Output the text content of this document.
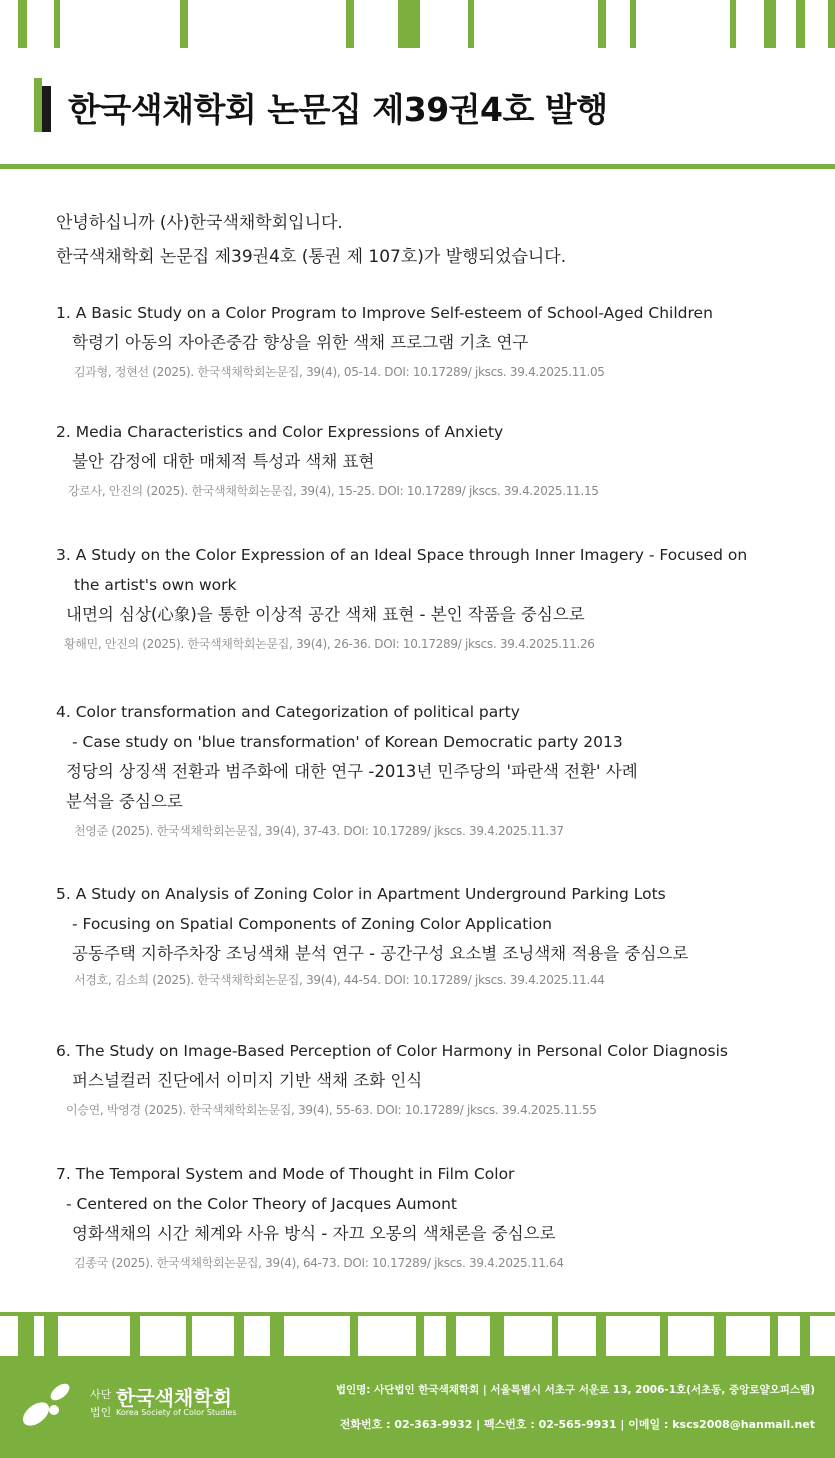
한국색채학회 논문집 제39권4호 발행
안녕하십니까 (사)한국색채학회입니다.
한국색채학회 논문집 제39권4호 (통권 제 107호)가 발행되었습니다.
1. A Basic Study on a Color Program to Improve Self-esteem of School-Aged Children
학령기 아동의 자아존중감 향상을 위한 색채 프로그램 기초 연구
김과형, 정현선 (2025). 한국색채학회논문집, 39(4), 05-14. DOI: 10.17289/ jkscs. 39.4.2025.11.05
2. Media Characteristics and Color Expressions of Anxiety
불안 감정에 대한 매체적 특성과 색채 표현
강로사, 안진의 (2025). 한국색채학회논문집, 39(4), 15-25. DOI: 10.17289/ jkscs. 39.4.2025.11.15
3. A Study on the Color Expression of an Ideal Space through Inner Imagery - Focused on
the artist's own work
내면의 심상(心象)을 통한 이상적 공간 색채 표현 - 본인 작품을 중심으로
황해민, 안진의 (2025). 한국색채학회논문집, 39(4), 26-36. DOI: 10.17289/ jkscs. 39.4.2025.11.26
4. Color transformation and Categorization of political party
- Case study on 'blue transformation' of Korean Democratic party 2013
정당의 상징색 전환과 범주화에 대한 연구 -2013년 민주당의 '파란색 전환' 사례
분석을 중심으로
천영준 (2025). 한국색채학회논문집, 39(4), 37-43. DOI: 10.17289/ jkscs. 39.4.2025.11.37
5. A Study on Analysis of Zoning Color in Apartment Underground Parking Lots
- Focusing on Spatial Components of Zoning Color Application
공동주택 지하주차장 조닝색채 분석 연구 - 공간구성 요소별 조닝색채 적용을 중심으로
서경호, 김소희 (2025). 한국색채학회논문집, 39(4), 44-54. DOI: 10.17289/ jkscs. 39.4.2025.11.44
6. The Study on Image-Based Perception of Color Harmony in Personal Color Diagnosis
퍼스널컬러 진단에서 이미지 기반 색채 조화 인식
이승연, 박영경 (2025). 한국색채학회논문집, 39(4), 55-63. DOI: 10.17289/ jkscs. 39.4.2025.11.55
7. The Temporal System and Mode of Thought in Film Color
- Centered on the Color Theory of Jacques Aumont
영화색채의 시간 체계와 사유 방식 - 자끄 오몽의 색채론을 중심으로
김종국 (2025). 한국색채학회논문집, 39(4), 64-73. DOI: 10.17289/ jkscs. 39.4.2025.11.64
사단
법인
한국색채학회
Korea Society of Color Studies
법인명: 사단법인 한국색채학회 | 서울특별시 서초구 서운로 13, 2006-1호(서초동, 중앙로얄오피스텔)
전화번호 : 02-363-9932 | 팩스번호 : 02-565-9931 | 이메일 : kscs2008@hanmail.net
